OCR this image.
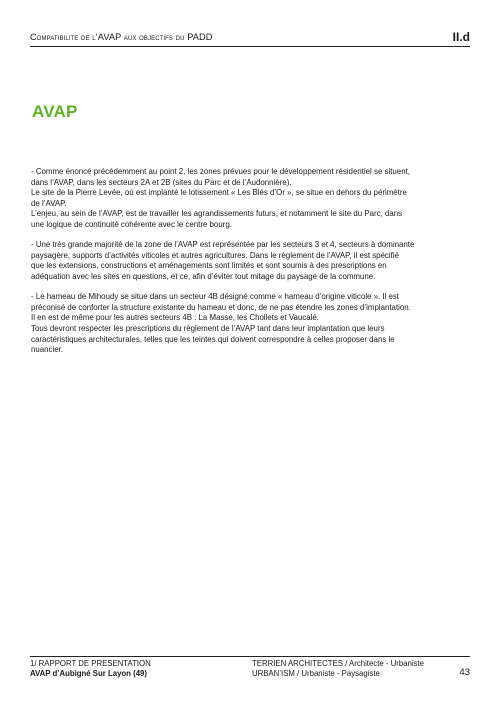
Compatibilite de l’AVAP aux objectifs du PADD	II.d
AVAP

- Comme énoncé précédemment au point 2, les zones prévues pour le développement résidentiel se situent,
dans l’AVAP, dans les secteurs 2A et 2B (sites du Parc et de l’Audonnière).
Le site de la Pierre Levée, où est implanté le lotissement « Les Blés d’Or », se situe en dehors du périmètre
de l’AVAP.
L’enjeu, au sein de l’AVAP, est de travailler les agrandissements futurs, et notamment le site du Parc, dans
une logique de continuité cohérente avec le centre bourg.

- Une très grande majorité de la zone de l’AVAP est représentée par les secteurs 3 et 4, secteurs à dominante
paysagère, supports d’activités viticoles et autres agricultures. Dans le règlement de l’AVAP, il est spécifié
que les extensions, constructions et aménagements sont limités et sont soumis à des prescriptions en
adéquation avec les sites en questions, et ce, afin d’éviter tout mitage du paysage de la commune.

- Le hameau de Mihoudy se situe dans un secteur 4B désigné comme « hameau d’origine viticole ». Il est
préconisé de conforter la structure existante du hameau et donc, de ne pas étendre les zones d’implantation.
Il en est de même pour les autres secteurs 4B : La Masse, les Chollets et Vaucalé.
Tous devront respecter les prescriptions du règlement de l’AVAP tant dans leur implantation que leurs
caractéristiques architecturales, telles que les teintes qui doivent correspondre à celles proposer dans le
nuancier.

1/ RAPPORT DE PRESENTATION
AVAP d’Aubigné Sur Layon (49)
TERRIEN ARCHITECTES / Architecte - Urbaniste
URBAN’ISM / Urbaniste - Paysagiste	43
